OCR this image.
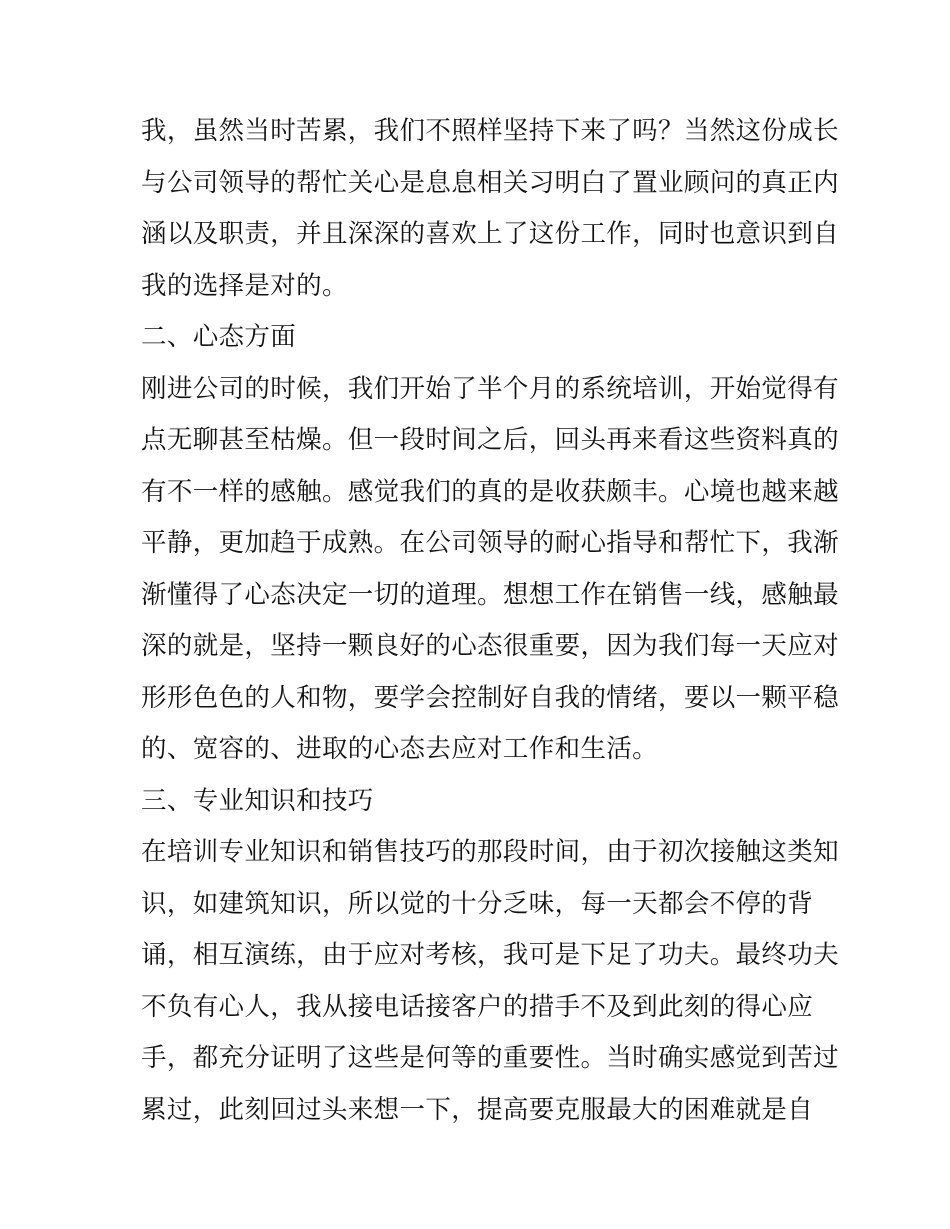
我，虽然当时苦累，我们不照样坚持下来了吗？当然这份成长
与公司领导的帮忙关心是息息相关习明白了置业顾问的真正内
涵以及职责，并且深深的喜欢上了这份工作，同时也意识到自
我的选择是对的。
二、心态方面
刚进公司的时候，我们开始了半个月的系统培训，开始觉得有
点无聊甚至枯燥。但一段时间之后，回头再来看这些资料真的
有不一样的感触。感觉我们的真的是收获颇丰。心境也越来越
平静，更加趋于成熟。在公司领导的耐心指导和帮忙下，我渐
渐懂得了心态决定一切的道理。想想工作在销售一线，感触最
深的就是，坚持一颗良好的心态很重要，因为我们每一天应对
形形色色的人和物，要学会控制好自我的情绪，要以一颗平稳
的、宽容的、进取的心态去应对工作和生活。
三、专业知识和技巧
在培训专业知识和销售技巧的那段时间，由于初次接触这类知
识，如建筑知识，所以觉的十分乏味，每一天都会不停的背
诵，相互演练，由于应对考核，我可是下足了功夫。最终功夫
不负有心人，我从接电话接客户的措手不及到此刻的得心应
手，都充分证明了这些是何等的重要性。当时确实感觉到苦过
累过，此刻回过头来想一下，提高要克服最大的困难就是自
